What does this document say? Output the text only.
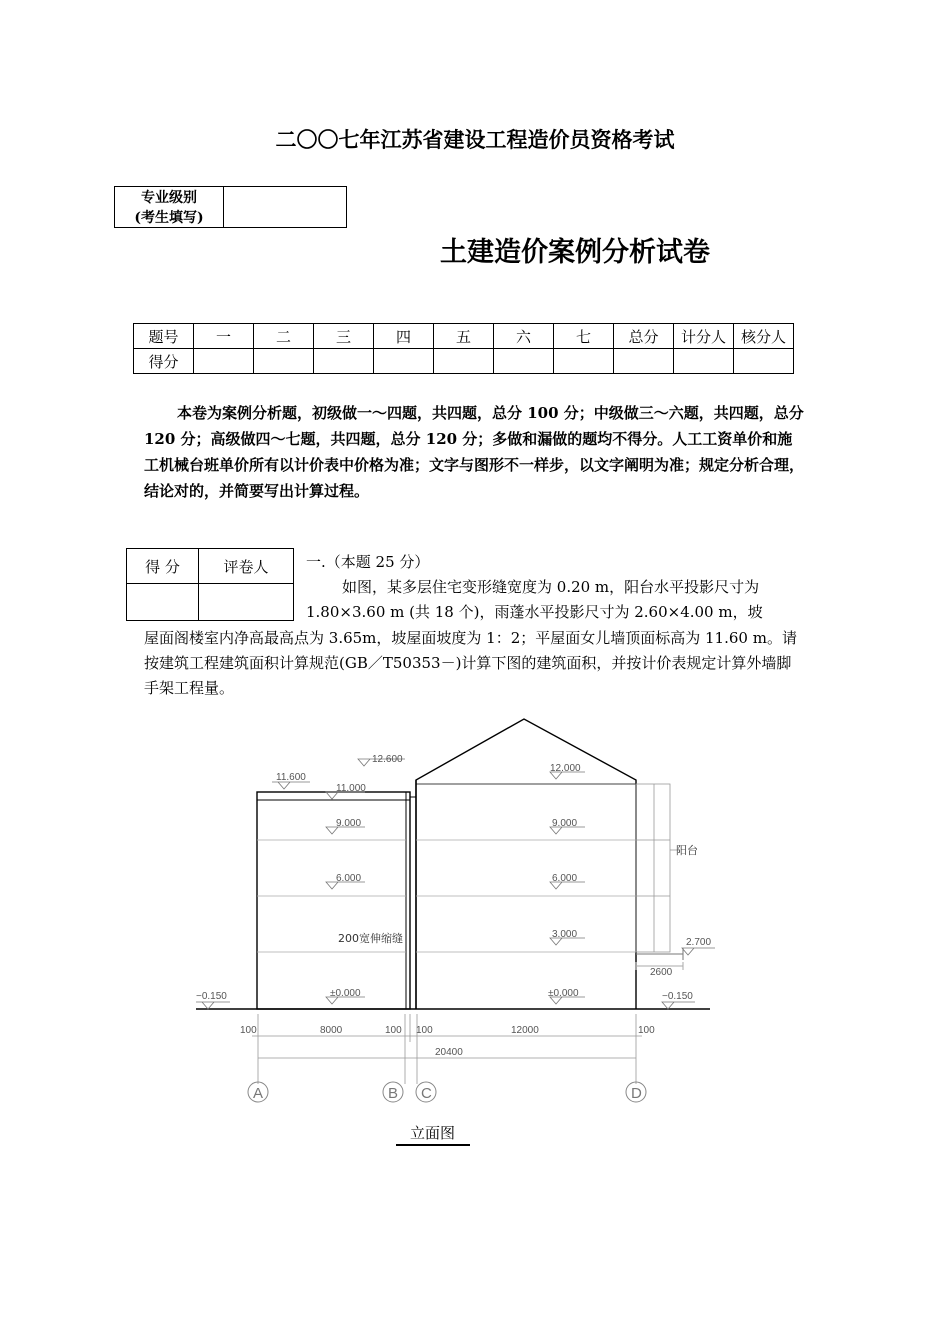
二〇〇七年江苏省建设工程造价员资格考试
专业级别
(考生填写)

土建造价案例分析试卷
题号	一	二	三	四	五	六	七	总分	计分人	核分人
得分										
本卷为案例分析题，初级做一～四题，共四题，总分 100 分；中级做三～六题，共四题，总分 120 分；高级做四～七题，共四题，总分 120 分；多做和漏做的题均不得分。人工工资单价和施工机械台班单价所有以计价表中价格为准；文字与图形不一样步，以文字阐明为准；规定分析合理，结论对的，并简要写出计算过程。
得 分	评卷人
		一.（本题 25 分）
如图，某多层住宅变形缝宽度为 0.20 m，阳台水平投影尺寸为
1.80×3.60 m (共 18 个)，雨蓬水平投影尺寸为 2.60×4.00 m，坡
屋面阁楼室内净高最高点为 3.65m，坡屋面坡度为 1：2；平屋面女儿墙顶面标高为 11.60 m。请按建筑工程建筑面积计算规范(GB／T50353－)计算下图的建筑面积，并按计价表规定计算外墙脚手架工程量。
12.600
11.600
11.000
9.000
6.000
±0.000
−0.150
12.000
9.000
6.000
3.000
±0.000	−0.150
2.700
阳台
200宽伸缩缝
2600
100	8000	100 100	12000	100
20400
A	B C	D
立面图
